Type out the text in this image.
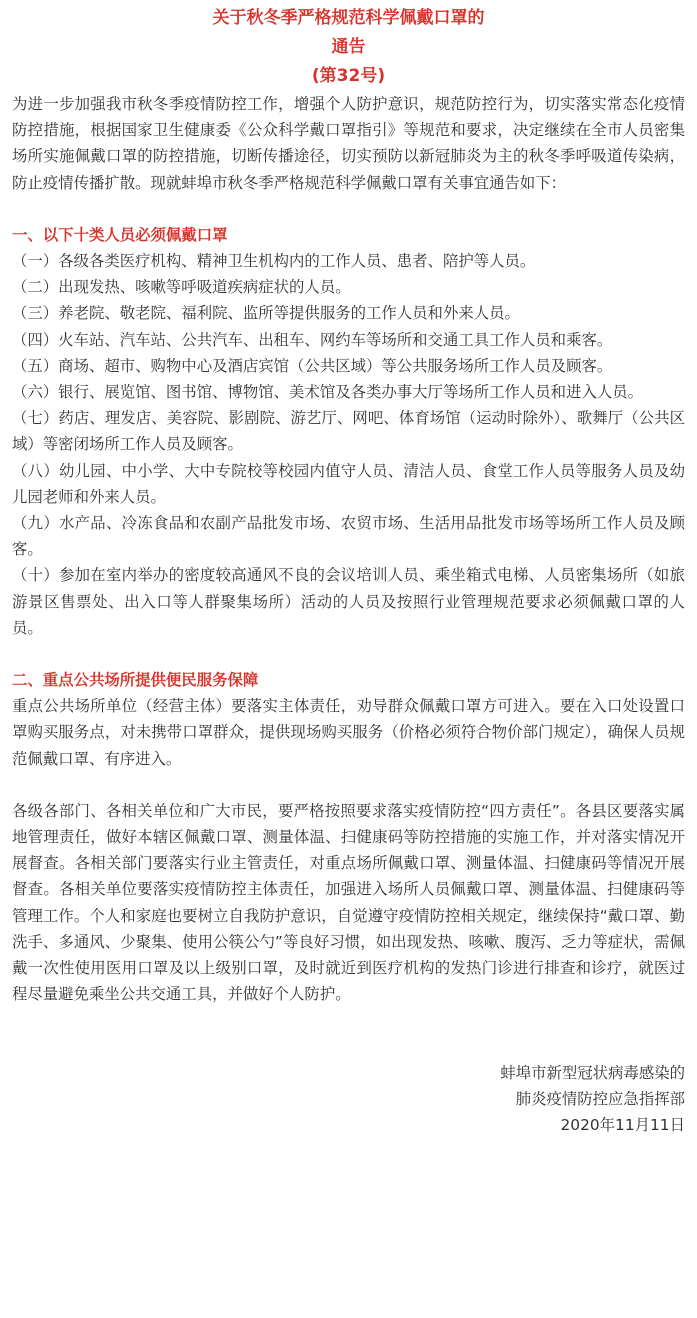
关于秋冬季严格规范科学佩戴口罩的
通告
(第32号)

为进一步加强我市秋冬季疫情防控工作，增强个人防护意识，规范防控行为，切实落实常态化疫情防控措施，根据国家卫生健康委《公众科学戴口罩指引》等规范和要求，决定继续在全市人员密集场所实施佩戴口罩的防控措施，切断传播途径，切实预防以新冠肺炎为主的秋冬季呼吸道传染病，防止疫情传播扩散。现就蚌埠市秋冬季严格规范科学佩戴口罩有关事宜通告如下：

一、以下十类人员必须佩戴口罩

（一）各级各类医疗机构、精神卫生机构内的工作人员、患者、陪护等人员。
（二）出现发热、咳嗽等呼吸道疾病症状的人员。
（三）养老院、敬老院、福利院、监所等提供服务的工作人员和外来人员。
（四）火车站、汽车站、公共汽车、出租车、网约车等场所和交通工具工作人员和乘客。
（五）商场、超市、购物中心及酒店宾馆（公共区域）等公共服务场所工作人员及顾客。
（六）银行、展览馆、图书馆、博物馆、美术馆及各类办事大厅等场所工作人员和进入人员。
（七）药店、理发店、美容院、影剧院、游艺厅、网吧、体育场馆（运动时除外）、歌舞厅（公共区域）等密闭场所工作人员及顾客。
（八）幼儿园、中小学、大中专院校等校园内值守人员、清洁人员、食堂工作人员等服务人员及幼儿园老师和外来人员。
（九）水产品、冷冻食品和农副产品批发市场、农贸市场、生活用品批发市场等场所工作人员及顾客。
（十）参加在室内举办的密度较高通风不良的会议培训人员、乘坐箱式电梯、人员密集场所（如旅游景区售票处、出入口等人群聚集场所）活动的人员及按照行业管理规范要求必须佩戴口罩的人员。

二、重点公共场所提供便民服务保障

重点公共场所单位（经营主体）要落实主体责任，劝导群众佩戴口罩方可进入。要在入口处设置口罩购买服务点，对未携带口罩群众，提供现场购买服务（价格必须符合物价部门规定），确保人员规范佩戴口罩、有序进入。

各级各部门、各相关单位和广大市民，要严格按照要求落实疫情防控“四方责任”。各县区要落实属地管理责任，做好本辖区佩戴口罩、测量体温、扫健康码等防控措施的实施工作，并对落实情况开展督查。各相关部门要落实行业主管责任，对重点场所佩戴口罩、测量体温、扫健康码等情况开展督查。各相关单位要落实疫情防控主体责任，加强进入场所人员佩戴口罩、测量体温、扫健康码等管理工作。个人和家庭也要树立自我防护意识，自觉遵守疫情防控相关规定，继续保持“戴口罩、勤洗手、多通风、少聚集、使用公筷公勺”等良好习惯，如出现发热、咳嗽、腹泻、乏力等症状，需佩戴一次性使用医用口罩及以上级别口罩，及时就近到医疗机构的发热门诊进行排查和诊疗，就医过程尽量避免乘坐公共交通工具，并做好个人防护。

蚌埠市新型冠状病毒感染的
肺炎疫情防控应急指挥部
2020年11月11日
